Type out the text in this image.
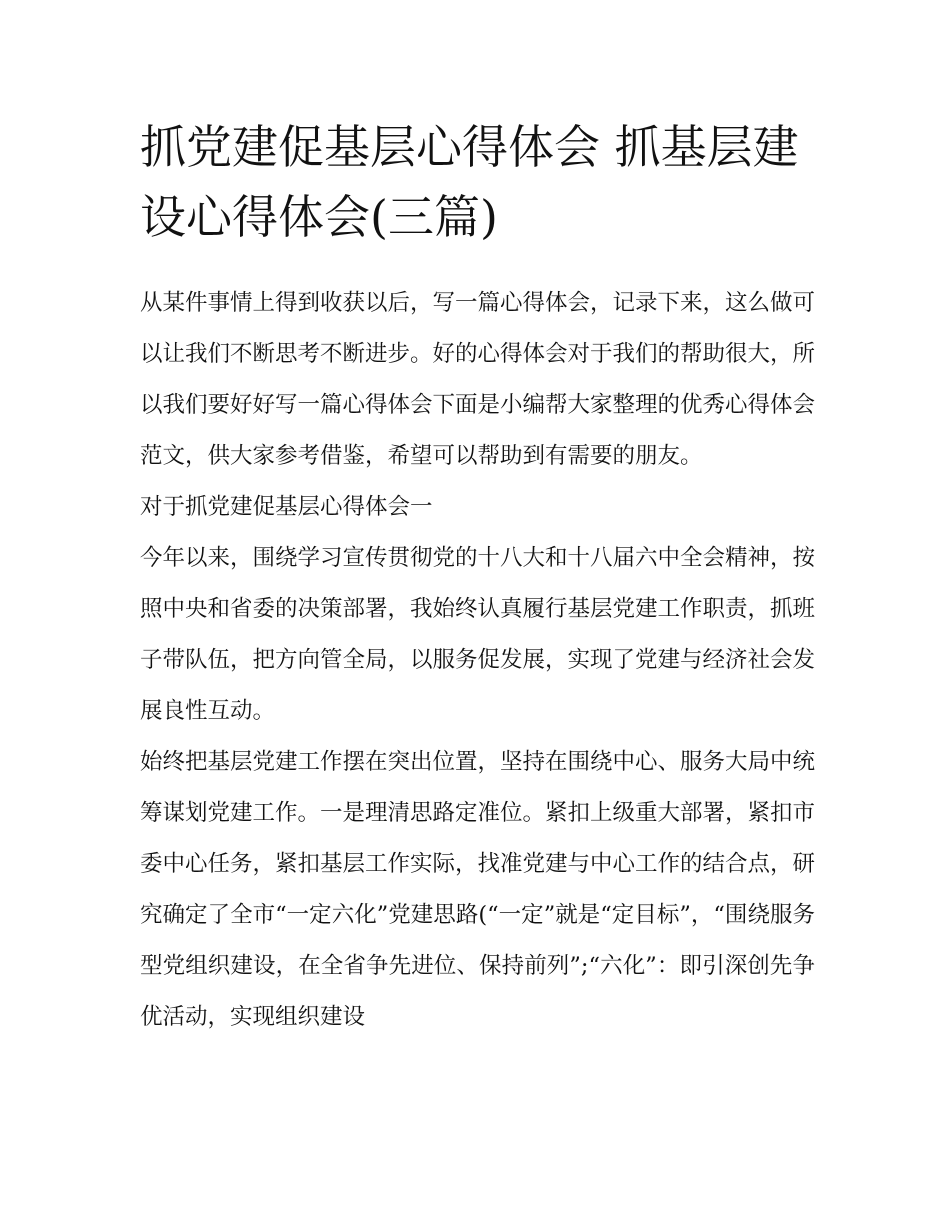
抓党建促基层心得体会 抓基层建设心得体会(三篇)

从某件事情上得到收获以后，写一篇心得体会，记录下来，这么做可以让我们不断思考不断进步。好的心得体会对于我们的帮助很大，所以我们要好好写一篇心得体会下面是小编帮大家整理的优秀心得体会范文，供大家参考借鉴，希望可以帮助到有需要的朋友。

对于抓党建促基层心得体会一

今年以来，围绕学习宣传贯彻党的十八大和十八届六中全会精神，按照中央和省委的决策部署，我始终认真履行基层党建工作职责，抓班子带队伍，把方向管全局，以服务促发展，实现了党建与经济社会发展良性互动。

始终把基层党建工作摆在突出位置，坚持在围绕中心、服务大局中统筹谋划党建工作。一是理清思路定准位。紧扣上级重大部署，紧扣市委中心任务，紧扣基层工作实际，找准党建与中心工作的结合点，研究确定了全市“一定六化”党建思路(“一定”就是“定目标”，“围绕服务型党组织建设，在全省争先进位、保持前列”;“六化”：即引深创先争优活动，实现组织建设
